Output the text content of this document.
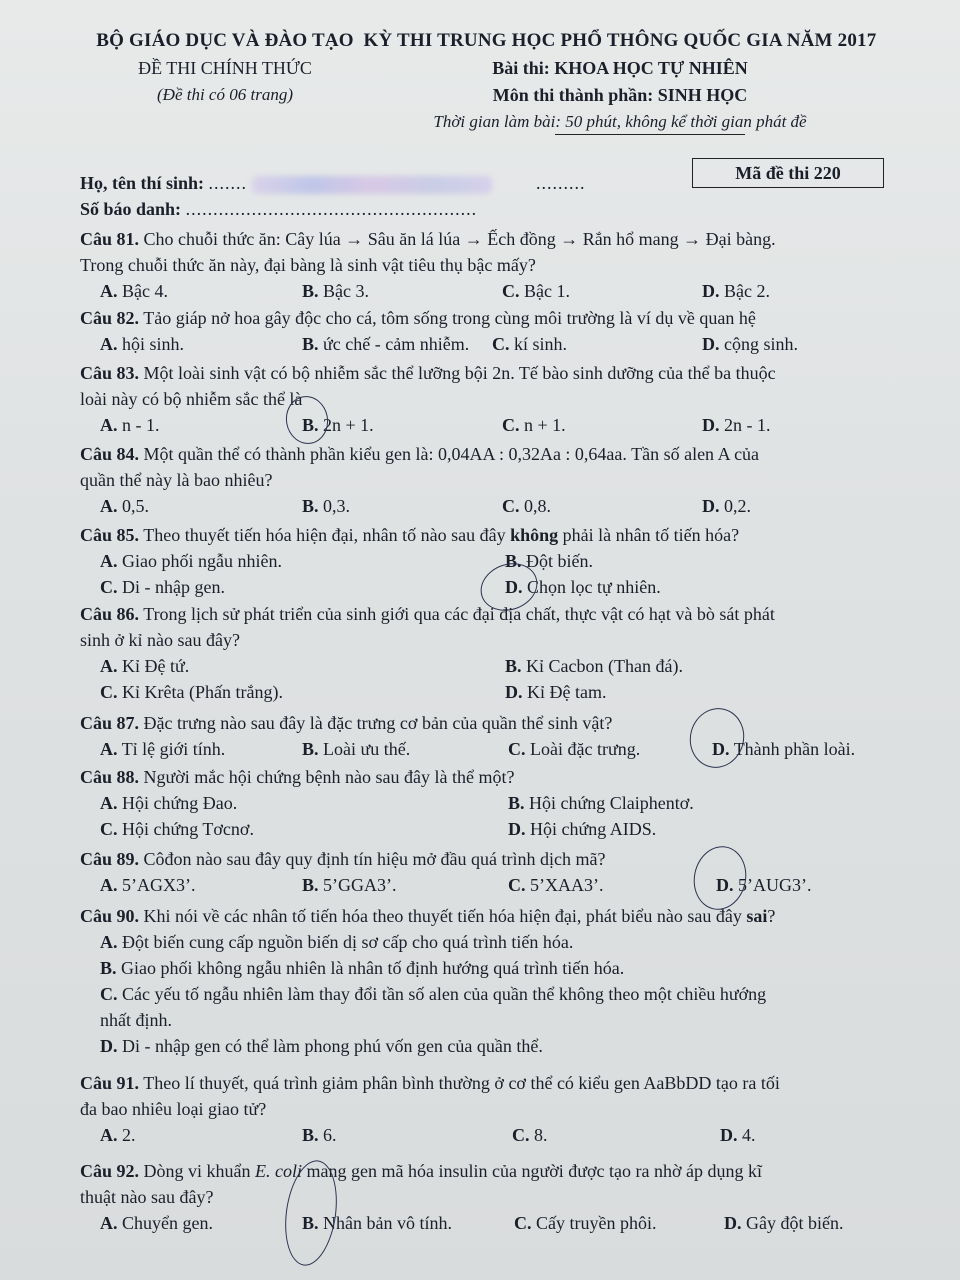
BỘ GIÁO DỤC VÀ ĐÀO TẠO
ĐỀ THI CHÍNH THỨC
(Đề thi có 06 trang)
KỲ THI TRUNG HỌC PHỔ THÔNG QUỐC GIA NĂM 2017
Bài thi: KHOA HỌC TỰ NHIÊN
Môn thi thành phần: SINH HỌC
Thời gian làm bài: 50 phút, không kể thời gian phát đề
Họ, tên thí sinh: .......	.........
Số báo danh: .....................................................
Mã đề thi 220
Câu 81. Cho chuỗi thức ăn: Cây lúa → Sâu ăn lá lúa → Ếch đồng → Rắn hổ mang → Đại bàng.
Trong chuỗi thức ăn này, đại bàng là sinh vật tiêu thụ bậc mấy?
A. Bậc 4.	B. Bậc 3.	C. Bậc 1.	D. Bậc 2.
Câu 82. Tảo giáp nở hoa gây độc cho cá, tôm sống trong cùng môi trường là ví dụ về quan hệ
A. hội sinh.	B. ức chế - cảm nhiễm. C. kí sinh.	D. cộng sinh.
Câu 83. Một loài sinh vật có bộ nhiễm sắc thể lưỡng bội 2n. Tế bào sinh dưỡng của thể ba thuộc
loài này có bộ nhiễm sắc thể là
A. n - 1.	B. 2n + 1.	C. n + 1.	D. 2n - 1.
Câu 84. Một quần thể có thành phần kiểu gen là: 0,04AA : 0,32Aa : 0,64aa. Tần số alen A của
quần thể này là bao nhiêu?
A. 0,5.	B. 0,3.	C. 0,8.	D. 0,2.
Câu 85. Theo thuyết tiến hóa hiện đại, nhân tố nào sau đây không phải là nhân tố tiến hóa?
A. Giao phối ngẫu nhiên.	B. Đột biến.
C. Di - nhập gen.	D. Chọn lọc tự nhiên.
Câu 86. Trong lịch sử phát triển của sinh giới qua các đại địa chất, thực vật có hạt và bò sát phát
sinh ở kỉ nào sau đây?
A. Kỉ Đệ tứ.	B. Kỉ Cacbon (Than đá).
C. Kỉ Krêta (Phấn trắng).	D. Kỉ Đệ tam.
Câu 87. Đặc trưng nào sau đây là đặc trưng cơ bản của quần thể sinh vật?
A. Tỉ lệ giới tính.	B. Loài ưu thế.	C. Loài đặc trưng.	D. Thành phần loài.
Câu 88. Người mắc hội chứng bệnh nào sau đây là thể một?
A. Hội chứng Đao.	B. Hội chứng Claiphentơ.
C. Hội chứng Tơcnơ.	D. Hội chứng AIDS.
Câu 89. Côđon nào sau đây quy định tín hiệu mở đầu quá trình dịch mã?
A. 5’AGX3’.	B. 5’GGA3’.	C. 5’XAA3’.	D. 5’AUG3’.
Câu 90. Khi nói về các nhân tố tiến hóa theo thuyết tiến hóa hiện đại, phát biểu nào sau đây sai?
A. Đột biến cung cấp nguồn biến dị sơ cấp cho quá trình tiến hóa.
B. Giao phối không ngẫu nhiên là nhân tố định hướng quá trình tiến hóa.
C. Các yếu tố ngẫu nhiên làm thay đổi tần số alen của quần thể không theo một chiều hướng
nhất định.
D. Di - nhập gen có thể làm phong phú vốn gen của quần thể.
Câu 91. Theo lí thuyết, quá trình giảm phân bình thường ở cơ thể có kiểu gen AaBbDD tạo ra tối
đa bao nhiêu loại giao tử?
A. 2.	B. 6.	C. 8.	D. 4.
Câu 92. Dòng vi khuẩn E. coli mang gen mã hóa insulin của người được tạo ra nhờ áp dụng kĩ
thuật nào sau đây?
A. Chuyển gen.	B. Nhân bản vô tính.	C. Cấy truyền phôi.	D. Gây đột biến.
